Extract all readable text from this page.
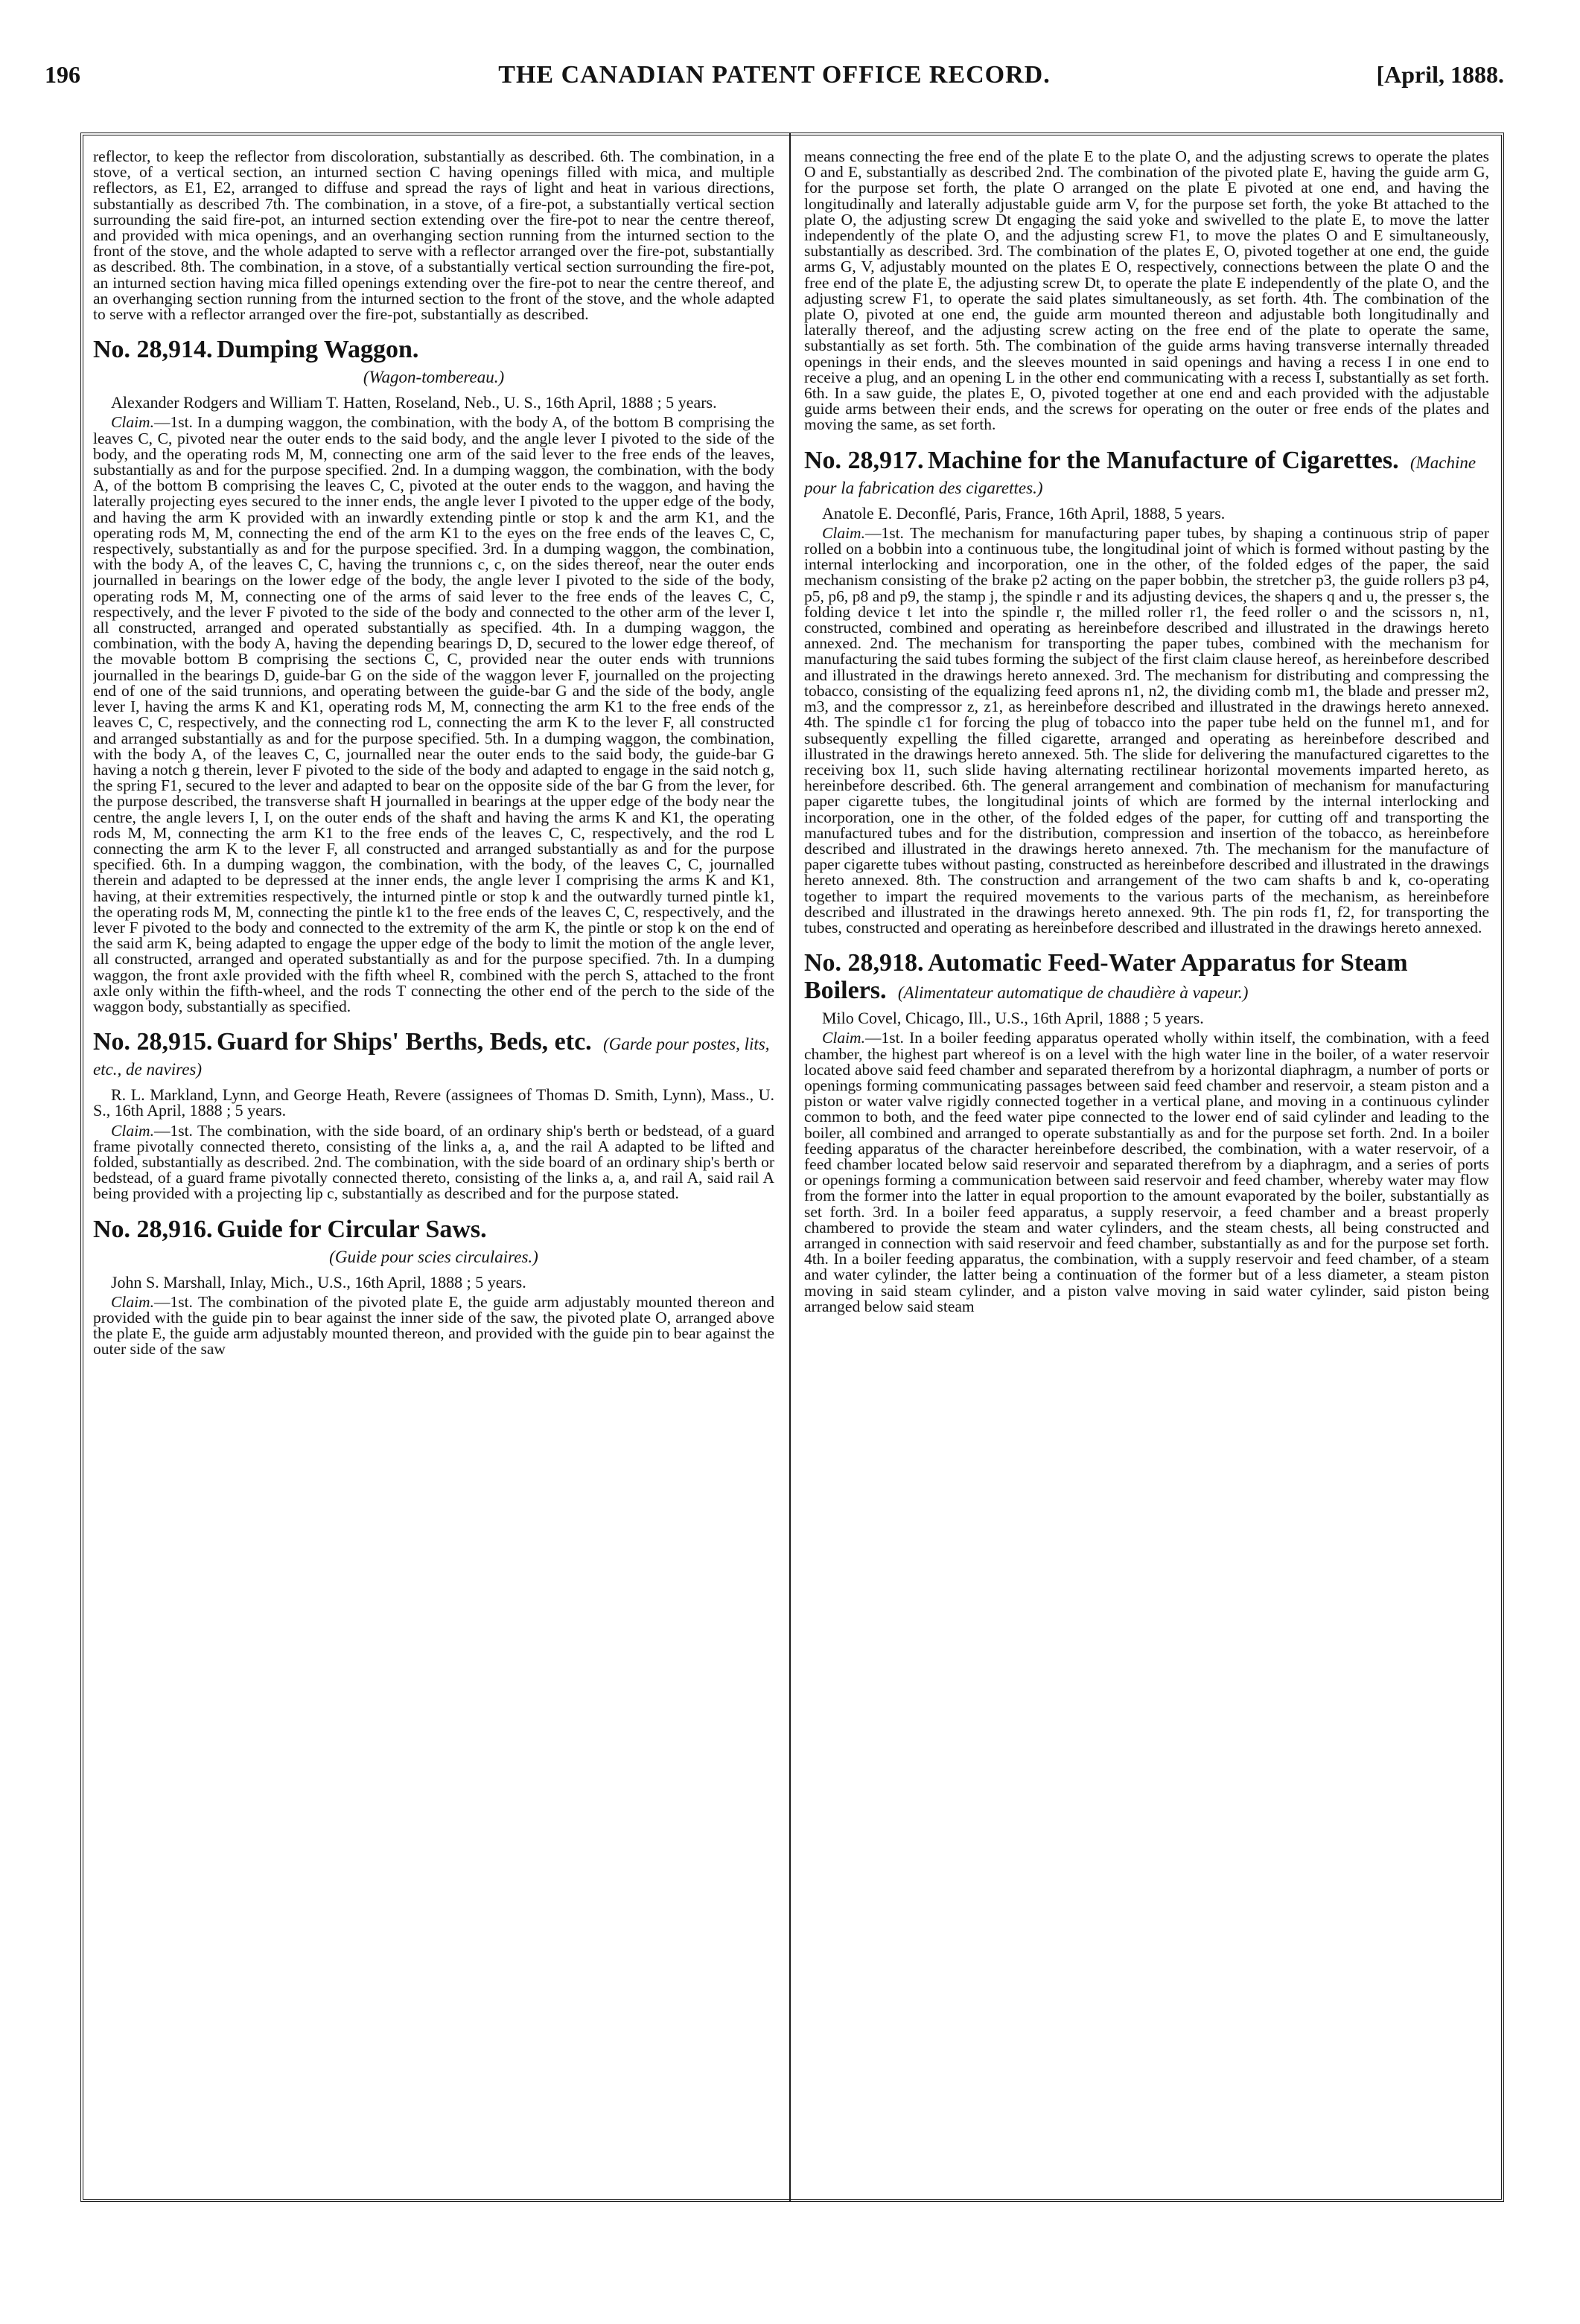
196	THE CANADIAN PATENT OFFICE RECORD.	[April, 1888.

reflector, to keep the reflector from discoloration, substantially as described. 6th. The combination, in a stove, of a vertical section, an inturned section C having openings filled with mica, and multiple reflectors, as E1, E2, arranged to diffuse and spread the rays of light and heat in various directions, substantially as described 7th. The combination, in a stove, of a fire-pot, a substantially vertical section surrounding the said fire-pot, an inturned section extending over the fire-pot to near the centre thereof, and provided with mica openings, and an overhanging section running from the inturned section to the front of the stove, and the whole adapted to serve with a reflector arranged over the fire-pot, substantially as described. 8th. The combination, in a stove, of a substantially vertical section surrounding the fire-pot, an inturned section having mica filled openings extending over the fire-pot to near the centre thereof, and an overhanging section running from the inturned section to the front of the stove, and the whole adapted to serve with a reflector arranged over the fire-pot, substantially as described.

No. 28,914. Dumping Waggon.
(Wagon-tombereau.)

Alexander Rodgers and William T. Hatten, Roseland, Neb., U. S., 16th April, 1888 ; 5 years.

Claim.—1st. In a dumping waggon, the combination, with the body A, of the bottom B comprising the leaves C, C, pivoted near the outer ends to the said body, and the angle lever I pivoted to the side of the body, and the operating rods M, M, connecting one arm of the said lever to the free ends of the leaves, substantially as and for the purpose specified. 2nd. In a dumping waggon, the combination, with the body A, of the bottom B comprising the leaves C, C, pivoted at the outer ends to the waggon, and having the laterally projecting eyes secured to the inner ends, the angle lever I pivoted to the upper edge of the body, and having the arm K provided with an inwardly extending pintle or stop k and the arm K1, and the operating rods M, M, connecting the end of the arm K1 to the eyes on the free ends of the leaves C, C, respectively, substantially as and for the purpose specified. 3rd. In a dumping waggon, the combination, with the body A, of the leaves C, C, having the trunnions c, c, on the sides thereof, near the outer ends journalled in bearings on the lower edge of the body, the angle lever I pivoted to the side of the body, operating rods M, M, connecting one of the arms of said lever to the free ends of the leaves C, C, respectively, and the lever F pivoted to the side of the body and connected to the other arm of the lever I, all constructed, arranged and operated substantially as specified. 4th. In a dumping waggon, the combination, with the body A, having the depending bearings D, D, secured to the lower edge thereof, of the movable bottom B comprising the sections C, C, provided near the outer ends with trunnions journalled in the bearings D, guide-bar G on the side of the waggon lever F, journalled on the projecting end of one of the said trunnions, and operating between the guide-bar G and the side of the body, angle lever I, having the arms K and K1, operating rods M, M, connecting the arm K1 to the free ends of the leaves C, C, respectively, and the connecting rod L, connecting the arm K to the lever F, all constructed and arranged substantially as and for the purpose specified. 5th. In a dumping waggon, the combination, with the body A, of the leaves C, C, journalled near the outer ends to the said body, the guide-bar G having a notch g therein, lever F pivoted to the side of the body and adapted to engage in the said notch g, the spring F1, secured to the lever and adapted to bear on the opposite side of the bar G from the lever, for the purpose described, the transverse shaft H journalled in bearings at the upper edge of the body near the centre, the angle levers I, I, on the outer ends of the shaft and having the arms K and K1, the operating rods M, M, connecting the arm K1 to the free ends of the leaves C, C, respectively, and the rod L connecting the arm K to the lever F, all constructed and arranged substantially as and for the purpose specified. 6th. In a dumping waggon, the combination, with the body, of the leaves C, C, journalled therein and adapted to be depressed at the inner ends, the angle lever I comprising the arms K and K1, having, at their extremities respectively, the inturned pintle or stop k and the outwardly turned pintle k1, the operating rods M, M, connecting the pintle k1 to the free ends of the leaves C, C, respectively, and the lever F pivoted to the body and connected to the extremity of the arm K, the pintle or stop k on the end of the said arm K, being adapted to engage the upper edge of the body to limit the motion of the angle lever, all constructed, arranged and operated substantially as and for the purpose specified. 7th. In a dumping waggon, the front axle provided with the fifth wheel R, combined with the perch S, attached to the front axle only within the fifth-wheel, and the rods T connecting the other end of the perch to the side of the waggon body, substantially as specified.

No. 28,915. Guard for Ships' Berths, Beds, etc. (Garde pour postes, lits, etc., de navires)

R. L. Markland, Lynn, and George Heath, Revere (assignees of Thomas D. Smith, Lynn), Mass., U. S., 16th April, 1888 ; 5 years.

Claim.—1st. The combination, with the side board, of an ordinary ship's berth or bedstead, of a guard frame pivotally connected thereto, consisting of the links a, a, and the rail A adapted to be lifted and folded, substantially as described. 2nd. The combination, with the side board of an ordinary ship's berth or bedstead, of a guard frame pivotally connected thereto, consisting of the links a, a, and rail A, said rail A being provided with a projecting lip c, substantially as described and for the purpose stated.

No. 28,916. Guide for Circular Saws.
(Guide pour scies circulaires.)

John S. Marshall, Inlay, Mich., U.S., 16th April, 1888 ; 5 years.

Claim.—1st. The combination of the pivoted plate E, the guide arm adjustably mounted thereon and provided with the guide pin to bear against the inner side of the saw, the pivoted plate O, arranged above the plate E, the guide arm adjustably mounted thereon, and provided with the guide pin to bear against the outer side of the saw

means connecting the free end of the plate E to the plate O, and the adjusting screws to operate the plates O and E, substantially as described 2nd. The combination of the pivoted plate E, having the guide arm G, for the purpose set forth, the plate O arranged on the plate E pivoted at one end, and having the longitudinally and laterally adjustable guide arm V, for the purpose set forth, the yoke Bt attached to the plate O, the adjusting screw Dt engaging the said yoke and swivelled to the plate E, to move the latter independently of the plate O, and the adjusting screw F1, to move the plates O and E simultaneously, substantially as described. 3rd. The combination of the plates E, O, pivoted together at one end, the guide arms G, V, adjustably mounted on the plates E O, respectively, connections between the plate O and the free end of the plate E, the adjusting screw Dt, to operate the plate E independently of the plate O, and the adjusting screw F1, to operate the said plates simultaneously, as set forth. 4th. The combination of the plate O, pivoted at one end, the guide arm mounted thereon and adjustable both longitudinally and laterally thereof, and the adjusting screw acting on the free end of the plate to operate the same, substantially as set forth. 5th. The combination of the guide arms having transverse internally threaded openings in their ends, and the sleeves mounted in said openings and having a recess I in one end to receive a plug, and an opening L in the other end communicating with a recess I, substantially as set forth. 6th. In a saw guide, the plates E, O, pivoted together at one end and each provided with the adjustable guide arms between their ends, and the screws for operating on the outer or free ends of the plates and moving the same, as set forth.

No. 28,917. Machine for the Manufacture of Cigarettes. (Machine pour la fabrication des cigarettes.)

Anatole E. Deconflé, Paris, France, 16th April, 1888, 5 years.

Claim.—1st. The mechanism for manufacturing paper tubes, by shaping a continuous strip of paper rolled on a bobbin into a continuous tube, the longitudinal joint of which is formed without pasting by the internal interlocking and incorporation, one in the other, of the folded edges of the paper, the said mechanism consisting of the brake p2 acting on the paper bobbin, the stretcher p3, the guide rollers p3 p4, p5, p6, p8 and p9, the stamp j, the spindle r and its adjusting devices, the shapers q and u, the presser s, the folding device t let into the spindle r, the milled roller r1, the feed roller o and the scissors n, n1, constructed, combined and operating as hereinbefore described and illustrated in the drawings hereto annexed. 2nd. The mechanism for transporting the paper tubes, combined with the mechanism for manufacturing the said tubes forming the subject of the first claim clause hereof, as hereinbefore described and illustrated in the drawings hereto annexed. 3rd. The mechanism for distributing and compressing the tobacco, consisting of the equalizing feed aprons n1, n2, the dividing comb m1, the blade and presser m2, m3, and the compressor z, z1, as hereinbefore described and illustrated in the drawings hereto annexed. 4th. The spindle c1 for forcing the plug of tobacco into the paper tube held on the funnel m1, and for subsequently expelling the filled cigarette, arranged and operating as hereinbefore described and illustrated in the drawings hereto annexed. 5th. The slide for delivering the manufactured cigarettes to the receiving box l1, such slide having alternating rectilinear horizontal movements imparted hereto, as hereinbefore described. 6th. The general arrangement and combination of mechanism for manufacturing paper cigarette tubes, the longitudinal joints of which are formed by the internal interlocking and incorporation, one in the other, of the folded edges of the paper, for cutting off and transporting the manufactured tubes and for the distribution, compression and insertion of the tobacco, as hereinbefore described and illustrated in the drawings hereto annexed. 7th. The mechanism for the manufacture of paper cigarette tubes without pasting, constructed as hereinbefore described and illustrated in the drawings hereto annexed. 8th. The construction and arrangement of the two cam shafts b and k, co-operating together to impart the required movements to the various parts of the mechanism, as hereinbefore described and illustrated in the drawings hereto annexed. 9th. The pin rods f1, f2, for transporting the tubes, constructed and operating as hereinbefore described and illustrated in the drawings hereto annexed.

No. 28,918. Automatic Feed-Water Apparatus for Steam Boilers. (Alimentateur automatique de chaudière à vapeur.)

Milo Covel, Chicago, Ill., U.S., 16th April, 1888 ; 5 years.

Claim.—1st. In a boiler feeding apparatus operated wholly within itself, the combination, with a feed chamber, the highest part whereof is on a level with the high water line in the boiler, of a water reservoir located above said feed chamber and separated therefrom by a horizontal diaphragm, a number of ports or openings forming communicating passages between said feed chamber and reservoir, a steam piston and a piston or water valve rigidly connected together in a vertical plane, and moving in a continuous cylinder common to both, and the feed water pipe connected to the lower end of said cylinder and leading to the boiler, all combined and arranged to operate substantially as and for the purpose set forth. 2nd. In a boiler feeding apparatus of the character hereinbefore described, the combination, with a water reservoir, of a feed chamber located below said reservoir and separated therefrom by a diaphragm, and a series of ports or openings forming a communication between said reservoir and feed chamber, whereby water may flow from the former into the latter in equal proportion to the amount evaporated by the boiler, substantially as set forth. 3rd. In a boiler feed apparatus, a supply reservoir, a feed chamber and a breast properly chambered to provide the steam and water cylinders, and the steam chests, all being constructed and arranged in connection with said reservoir and feed chamber, substantially as and for the purpose set forth. 4th. In a boiler feeding apparatus, the combination, with a supply reservoir and feed chamber, of a steam and water cylinder, the latter being a continuation of the former but of a less diameter, a steam piston moving in said steam cylinder, and a piston valve moving in said water cylinder, said piston being arranged below said steam
